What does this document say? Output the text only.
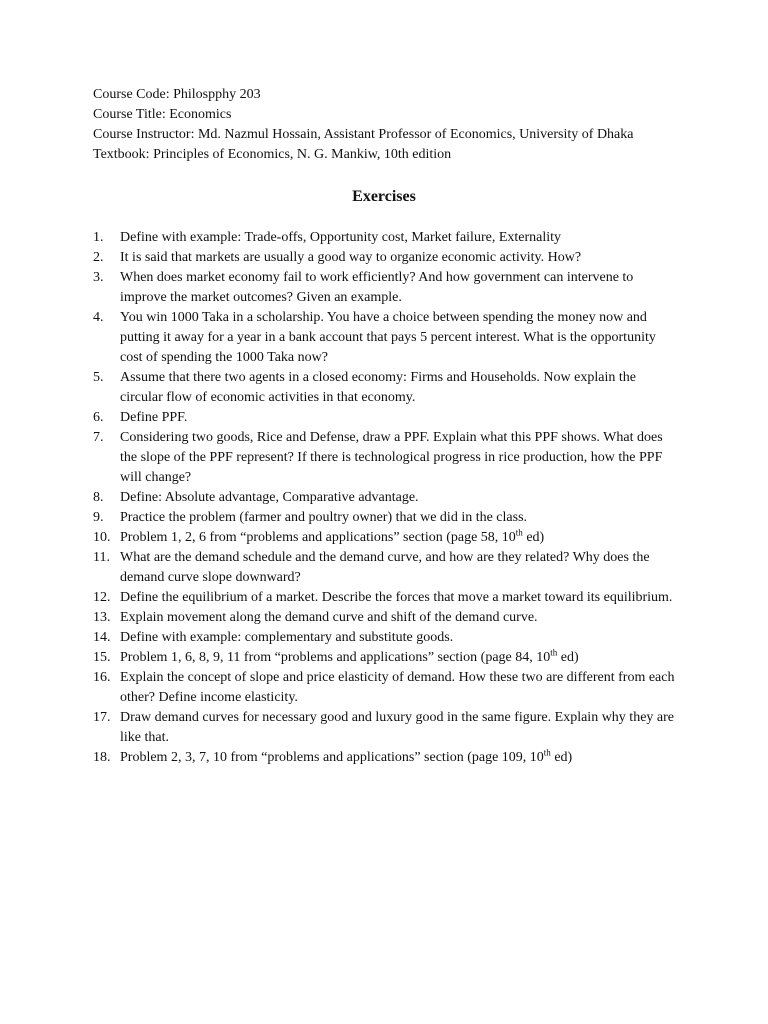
Course Code: Philospphy 203
Course Title: Economics
Course Instructor: Md. Nazmul Hossain, Assistant Professor of Economics, University of Dhaka
Textbook: Principles of Economics, N. G. Mankiw, 10th edition
Exercises
1.	Define with example: Trade-offs, Opportunity cost, Market failure, Externality
2.	It is said that markets are usually a good way to organize economic activity. How?
3.	When does market economy fail to work efficiently? And how government can intervene to improve the market outcomes? Given an example.
4.	You win 1000 Taka in a scholarship. You have a choice between spending the money now and putting it away for a year in a bank account that pays 5 percent interest. What is the opportunity cost of spending the 1000 Taka now?
5.	Assume that there two agents in a closed economy: Firms and Households. Now explain the circular flow of economic activities in that economy.
6.	Define PPF.
7.	Considering two goods, Rice and Defense, draw a PPF. Explain what this PPF shows. What does the slope of the PPF represent? If there is technological progress in rice production, how the PPF will change?
8.	Define: Absolute advantage, Comparative advantage.
9.	Practice the problem (farmer and poultry owner) that we did in the class.
10. Problem 1, 2, 6 from “problems and applications” section (page 58, 10th ed)
11. What are the demand schedule and the demand curve, and how are they related? Why does the demand curve slope downward?
12. Define the equilibrium of a market. Describe the forces that move a market toward its equilibrium.
13. Explain movement along the demand curve and shift of the demand curve.
14. Define with example: complementary and substitute goods.
15. Problem 1, 6, 8, 9, 11 from “problems and applications” section (page 84, 10th ed)
16. Explain the concept of slope and price elasticity of demand. How these two are different from each other? Define income elasticity.
17. Draw demand curves for necessary good and luxury good in the same figure. Explain why they are like that.
18. Problem 2, 3, 7, 10 from “problems and applications” section (page 109, 10th ed)
